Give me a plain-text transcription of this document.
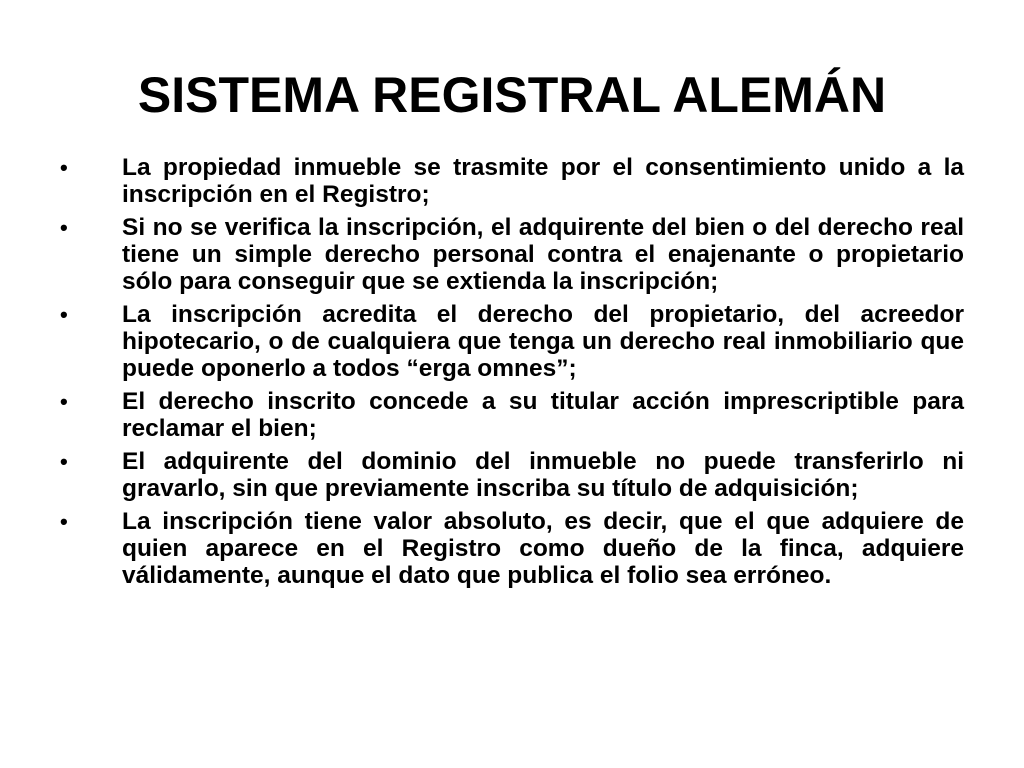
SISTEMA REGISTRAL ALEMÁN
•	La propiedad inmueble se trasmite por el consentimiento unido a la inscripción en el Registro;
•	Si no se verifica la inscripción, el adquirente del bien o del derecho real tiene un simple derecho personal contra el enajenante o propietario sólo para conseguir que se extienda la inscripción;
•	La inscripción acredita el derecho del propietario, del acreedor hipotecario, o de cualquiera que tenga un derecho real inmobiliario que puede oponerlo a todos “erga omnes”;
•	El derecho inscrito concede a su titular acción imprescriptible para reclamar el bien;
•	El adquirente del dominio del inmueble no puede transferirlo ni gravarlo, sin que previamente inscriba su título de adquisición;
•	La inscripción tiene valor absoluto, es decir, que el que adquiere de quien aparece en el Registro como dueño de la finca, adquiere válidamente, aunque el dato que publica el folio sea erróneo.
